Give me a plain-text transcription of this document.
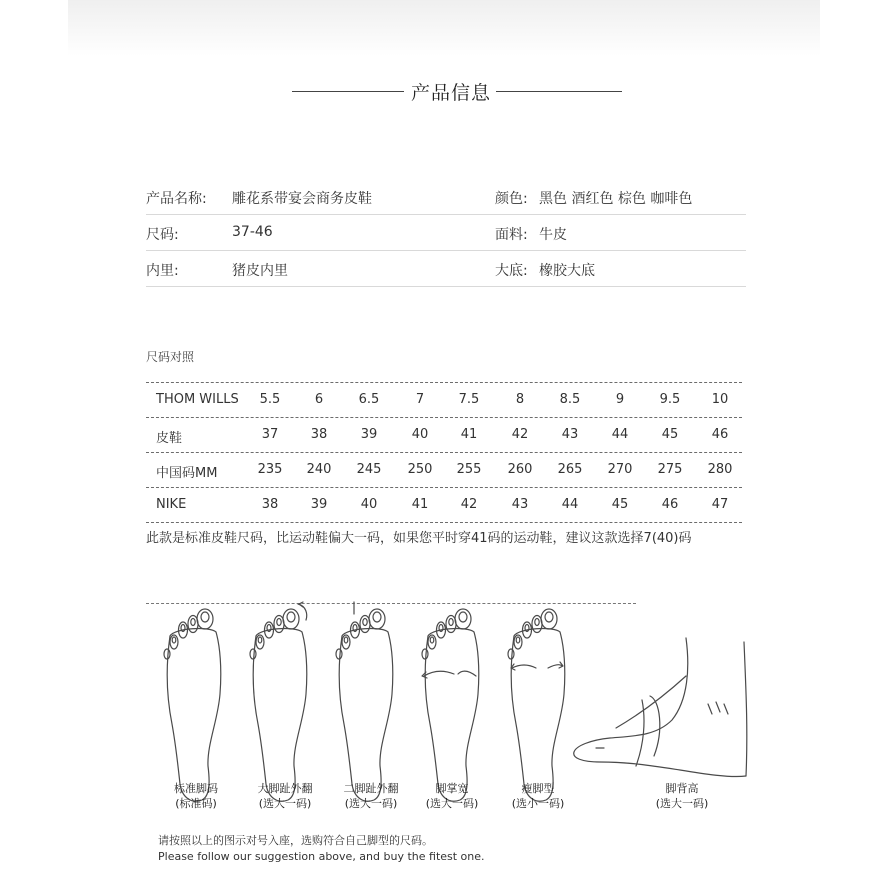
产品信息
产品名称: 雕花系带宴会商务皮鞋	颜色: 黑色 酒红色 棕色 咖啡色
尺码:	37-46	面料: 牛皮
内里:	猪皮内里	大底: 橡胶大底
尺码对照
THOM WILLS	5.5	6	6.5	7	7.5	8	8.5	9	9.5	10
皮鞋	37	38	39	40	41	42	43	44	45	46
中国码MM	235	240	245	250	255	260	265	270	275	280
NIKE	38	39	40	41	42	43	44	45	46	47
此款是标准皮鞋尺码，比运动鞋偏大一码，如果您平时穿41码的运动鞋，建议这款选择7(40)码
标准脚码
(标准码)
大脚趾外翻
(选大一码)
二脚趾外翻
(选大一码)
脚掌宽
(选大一码)
瘦脚型
(选小一码)
脚背高
(选大一码)
请按照以上的图示对号入座，选购符合自己脚型的尺码。
Please follow our suggestion above, and buy the fitest one.
